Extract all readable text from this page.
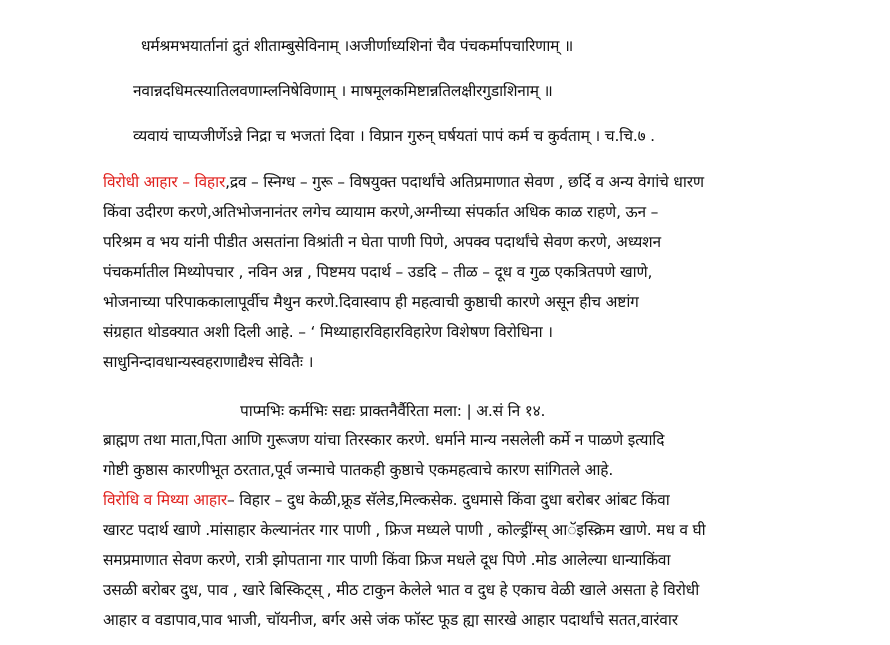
धर्मश्रमभयार्तानां द्रुतं शीताम्बुसेविनाम् ।अजीर्णाध्यशिनां चैव पंचकर्मापचारिणाम् ॥
नवान्नदधिमत्स्यातिलवणाम्लनिषेविणाम् । माषमूलकमिष्टान्नतिलक्षीरगुडाशिनाम् ॥
व्यवायं चाप्यजीर्णेऽन्ने निद्रा च भजतां दिवा । विप्रान गुरुन् घर्षयतां पापं कर्म च कुर्वताम् । च.चि.७ .
विरोधी आहार – विहार,द्रव – स्निग्ध – गुरू – विषयुक्त पदार्थांचे अतिप्रमाणात सेवण , छर्दि व अन्य वेगांचे धारण
किंवा उदीरण करणे,अतिभोजनानंतर लगेच व्यायाम करणे,अग्नीच्या संपर्कात अधिक काळ राहणे, ऊन –
परिश्रम व भय यांनी पीडीत असतांना विश्रांती न घेता पाणी पिणे, अपक्व पदार्थांचे सेवण करणे, अध्यशन
पंचकर्मातील मिथ्योपचार , नविन अन्न , पिष्टमय पदार्थ – उडदि – तीळ – दूध व गुळ एकत्रितपणे खाणे,
भोजनाच्या परिपाककालापूर्वीच मैथुन करणे.दिवास्वाप ही महत्वाची कुष्ठाची कारणे असून हीच अष्टांग
संग्रहात थोडक्यात अशी दिली आहे. – ‘ मिथ्याहारविहारविहारेण विशेषण विरोधिना ।
साधुनिन्दावधान्यस्वहराणाद्यैश्च सेवितैः ।
पाप्मभिः कर्मभिः सद्यः प्राक्तनैर्वैरिता मला: | अ.सं नि १४.
ब्राह्मण तथा माता,पिता आणि गुरूजण यांचा तिरस्कार करणे. धर्माने मान्य नसलेली कर्मे न पाळणे इत्यादि
गोष्टी कुष्ठास कारणीभूत ठरतात,पूर्व जन्माचे पातकही कुष्ठाचे एकमहत्वाचे कारण सांगितले आहे.
विरोधि व मिथ्या आहार– विहार – दुध केळी,फ्रूड सॅलेड,मिल्कसेक. दुधमासे किंवा दुधा बरोबर आंबट किंवा
खारट पदार्थ खाणे .मांसाहार केल्यानंतर गार पाणी , फ्रिज मध्यले पाणी , कोल्ड्रींग्स् आॅइस्क्रिम खाणे. मध व घी
समप्रमाणात सेवण करणे, रात्री झोपताना गार पाणी किंवा फ्रिज मधले दूध पिणे .मोड आलेल्या धान्याकिंवा
उसळी बरोबर दुध, पाव , खारे बिस्किट्स् , मीठ टाकुन केलेले भात व दुध हे एकाच वेळी खाले असता हे विरोधी
आहार व वडापाव,पाव भाजी, चॉयनीज, बर्गर असे जंक फॉस्ट फूड ह्या सारखे आहार पदार्थांचे सतत,वारंवार
